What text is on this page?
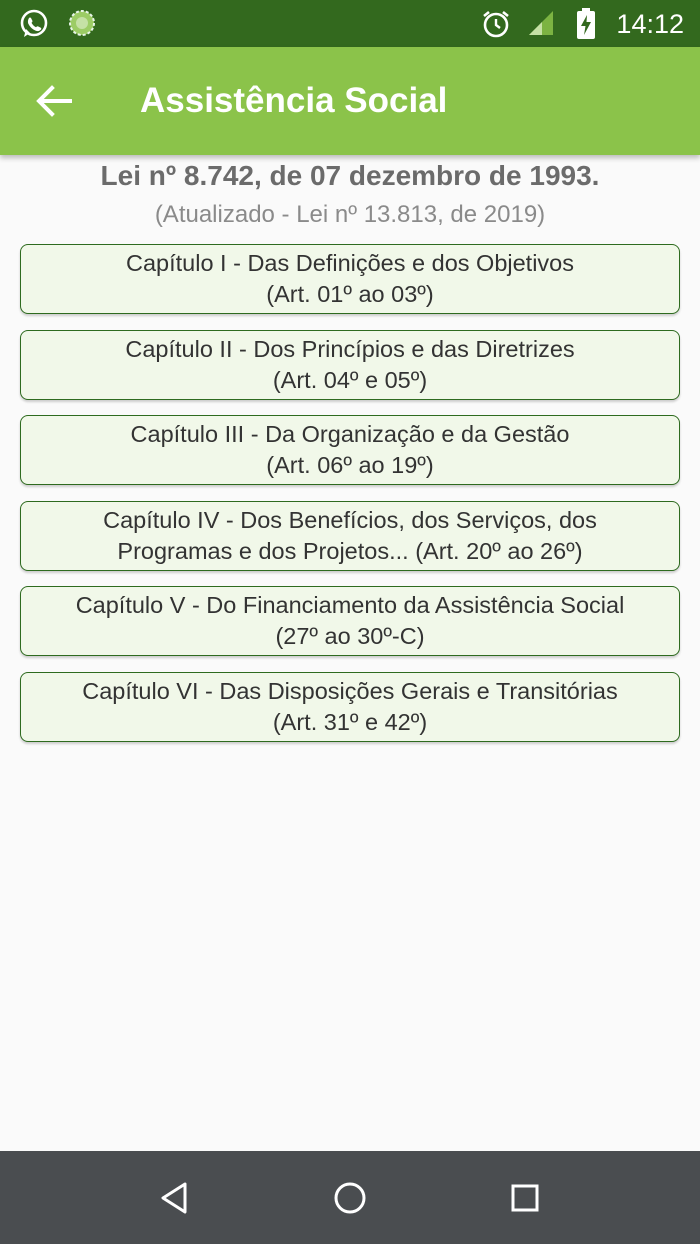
14:12
Assistência Social
Lei nº 8.742, de 07 dezembro de 1993.
(Atualizado - Lei nº 13.813, de 2019)
Capítulo I - Das Definições e dos Objetivos
(Art. 01º ao 03º)
Capítulo II - Dos Princípios e das Diretrizes
(Art. 04º e 05º)
Capítulo III - Da Organização e da Gestão
(Art. 06º ao 19º)
Capítulo IV - Dos Benefícios, dos Serviços, dos
Programas e dos Projetos... (Art. 20º ao 26º)
Capítulo V - Do Financiamento da Assistência Social
(27º ao 30º-C)
Capítulo VI - Das Disposições Gerais e Transitórias
(Art. 31º e 42º)
